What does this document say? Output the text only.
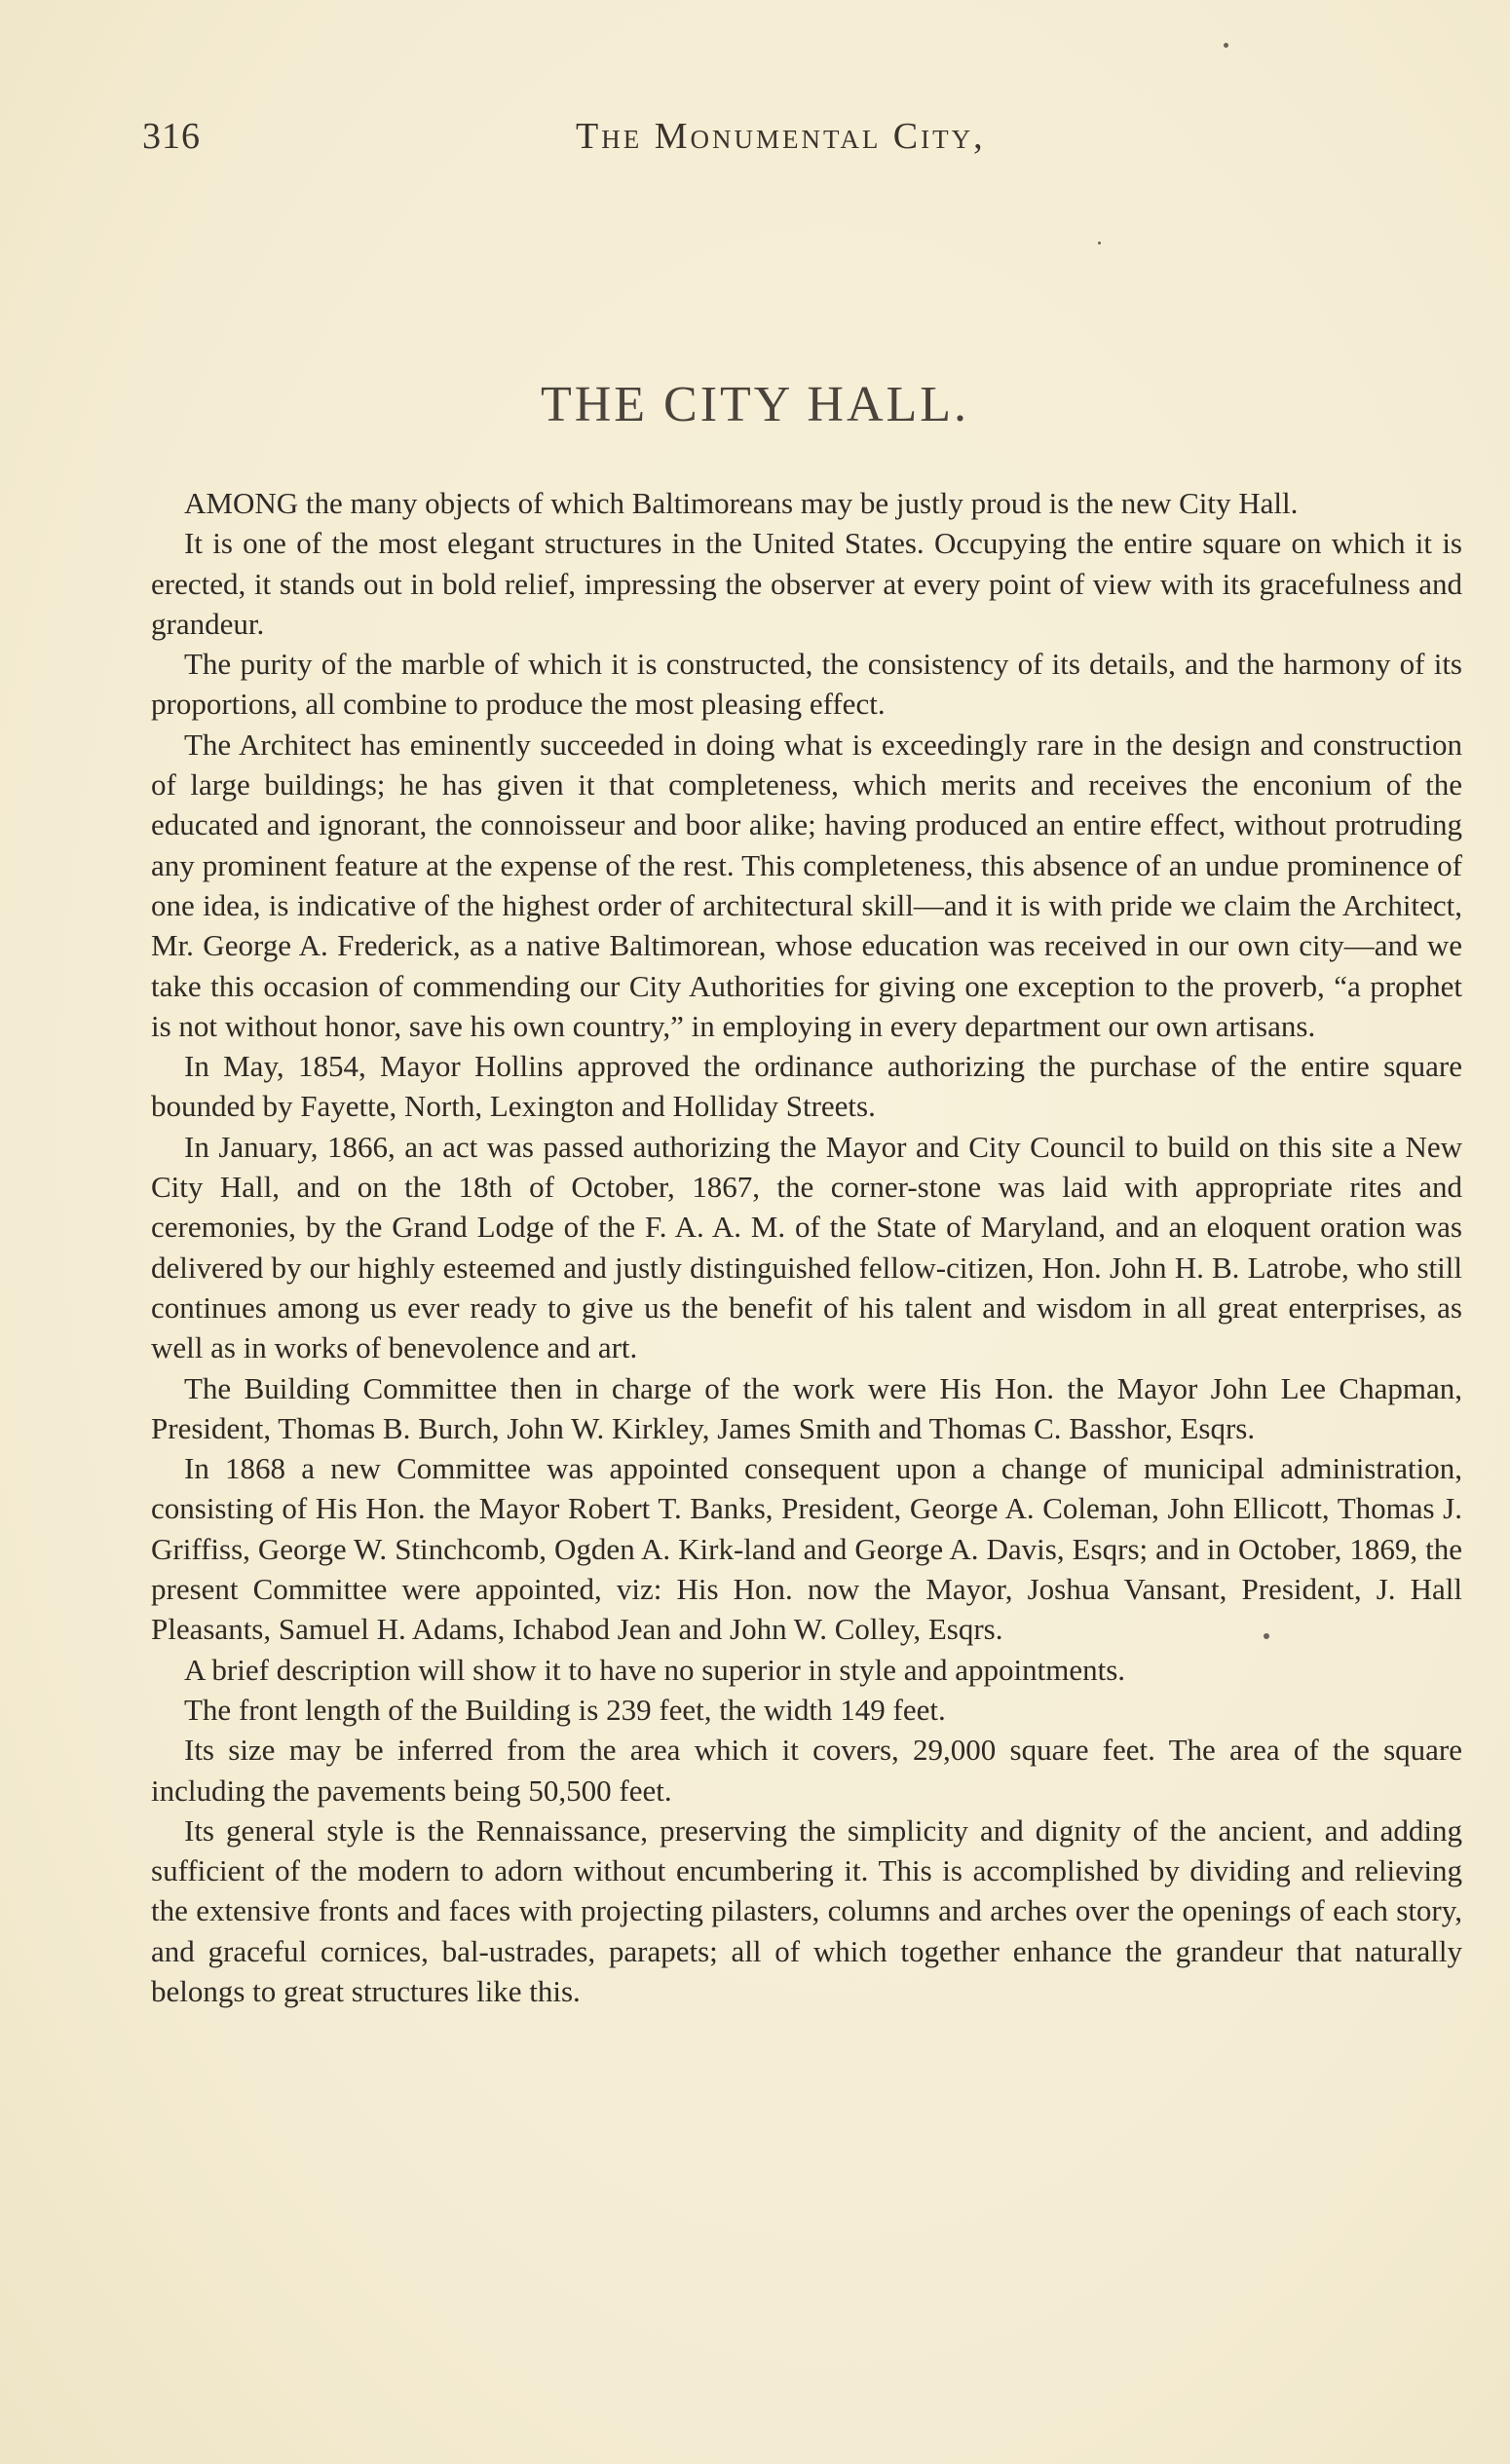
316	The Monumental City,
THE CITY HALL.

AMONG the many objects of which Baltimoreans may be justly proud is the new City Hall.

It is one of the most elegant structures in the United States. Occupying the entire square on which it is erected, it stands out in bold relief, impressing the observer at every point of view with its gracefulness and grandeur.

The purity of the marble of which it is constructed, the consistency of its details, and the harmony of its proportions, all combine to produce the most pleasing effect.

The Architect has eminently succeeded in doing what is exceedingly rare in the design and construction of large buildings; he has given it that completeness, which merits and receives the enconium of the educated and ignorant, the connoisseur and boor alike; having produced an entire effect, without protruding any prominent feature at the expense of the rest. This completeness, this absence of an undue prominence of one idea, is indicative of the highest order of architectural skill—and it is with pride we claim the Architect, Mr. George A. Frederick, as a native Baltimorean, whose education was received in our own city—and we take this occasion of commending our City Authorities for giving one exception to the proverb, “a prophet is not without honor, save his own country,” in employing in every department our own artisans.

In May, 1854, Mayor Hollins approved the ordinance authorizing the purchase of the entire square bounded by Fayette, North, Lexington and Holliday Streets.

In January, 1866, an act was passed authorizing the Mayor and City Council to build on this site a New City Hall, and on the 18th of October, 1867, the corner-stone was laid with appropriate rites and ceremonies, by the Grand Lodge of the F. A. A. M. of the State of Maryland, and an eloquent oration was delivered by our highly esteemed and justly distinguished fellow-citizen, Hon. John H. B. Latrobe, who still continues among us ever ready to give us the benefit of his talent and wisdom in all great enterprises, as well as in works of benevolence and art.

The Building Committee then in charge of the work were His Hon. the Mayor John Lee Chapman, President, Thomas B. Burch, John W. Kirkley, James Smith and Thomas C. Basshor, Esqrs.

In 1868 a new Committee was appointed consequent upon a change of municipal administration, consisting of His Hon. the Mayor Robert T. Banks, President, George A. Coleman, John Ellicott, Thomas J. Griffiss, George W. Stinchcomb, Ogden A. Kirk-land and George A. Davis, Esqrs; and in October, 1869, the present Committee were appointed, viz: His Hon. now the Mayor, Joshua Vansant, President, J. Hall Pleasants, Samuel H. Adams, Ichabod Jean and John W. Colley, Esqrs.

A brief description will show it to have no superior in style and appointments.

The front length of the Building is 239 feet, the width 149 feet.

Its size may be inferred from the area which it covers, 29,000 square feet. The area of the square including the pavements being 50,500 feet.

Its general style is the Rennaissance, preserving the simplicity and dignity of the ancient, and adding sufficient of the modern to adorn without encumbering it. This is accomplished by dividing and relieving the extensive fronts and faces with projecting pilasters, columns and arches over the openings of each story, and graceful cornices, bal-ustrades, parapets; all of which together enhance the grandeur that naturally belongs to great structures like this.
